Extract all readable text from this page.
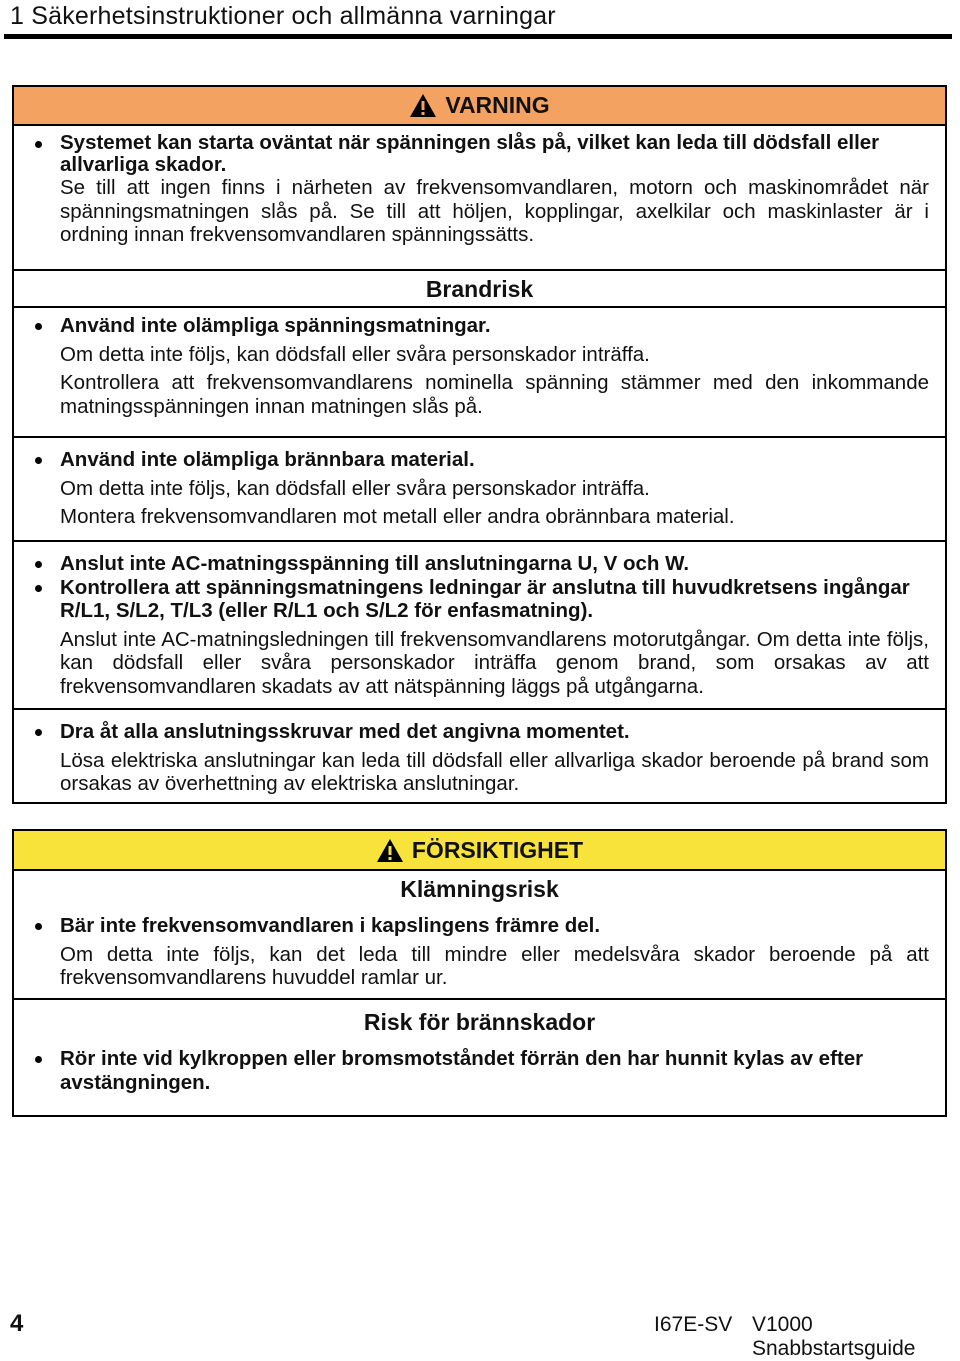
1 Säkerhetsinstruktioner och allmänna varningar
VARNING
Systemet kan starta oväntat när spänningen slås på, vilket kan leda till dödsfall eller allvarliga skador.
Se till att ingen finns i närheten av frekvensomvandlaren, motorn och maskinområdet när spänningsmatningen slås på. Se till att höljen, kopplingar, axelkilar och maskinlaster är i ordning innan frekvensomvandlaren spänningssätts.
Brandrisk
Använd inte olämpliga spänningsmatningar.
Om detta inte följs, kan dödsfall eller svåra personskador inträffa.
Kontrollera att frekvensomvandlarens nominella spänning stämmer med den inkommande matningsspänningen innan matningen slås på.
Använd inte olämpliga brännbara material.
Om detta inte följs, kan dödsfall eller svåra personskador inträffa.
Montera frekvensomvandlaren mot metall eller andra obrännbara material.
Anslut inte AC-matningsspänning till anslutningarna U, V och W.
Kontrollera att spänningsmatningens ledningar är anslutna till huvudkretsens ingångar R/L1, S/L2, T/L3 (eller R/L1 och S/L2 för enfasmatning).
Anslut inte AC-matningsledningen till frekvensomvandlarens motorutgångar. Om detta inte följs, kan dödsfall eller svåra personskador inträffa genom brand, som orsakas av att frekvensomvandlaren skadats av att nätspänning läggs på utgångarna.
Dra åt alla anslutningsskruvar med det angivna momentet.
Lösa elektriska anslutningar kan leda till dödsfall eller allvarliga skador beroende på brand som orsakas av överhettning av elektriska anslutningar.
FÖRSIKTIGHET
Klämningsrisk
Bär inte frekvensomvandlaren i kapslingens främre del.
Om detta inte följs, kan det leda till mindre eller medelsvåra skador beroende på att frekvensomvandlarens huvuddel ramlar ur.
Risk för brännskador
Rör inte vid kylkroppen eller bromsmotståndet förrän den har hunnit kylas av efter avstängningen.
4	I67E-SV V1000 Snabbstartsguide
